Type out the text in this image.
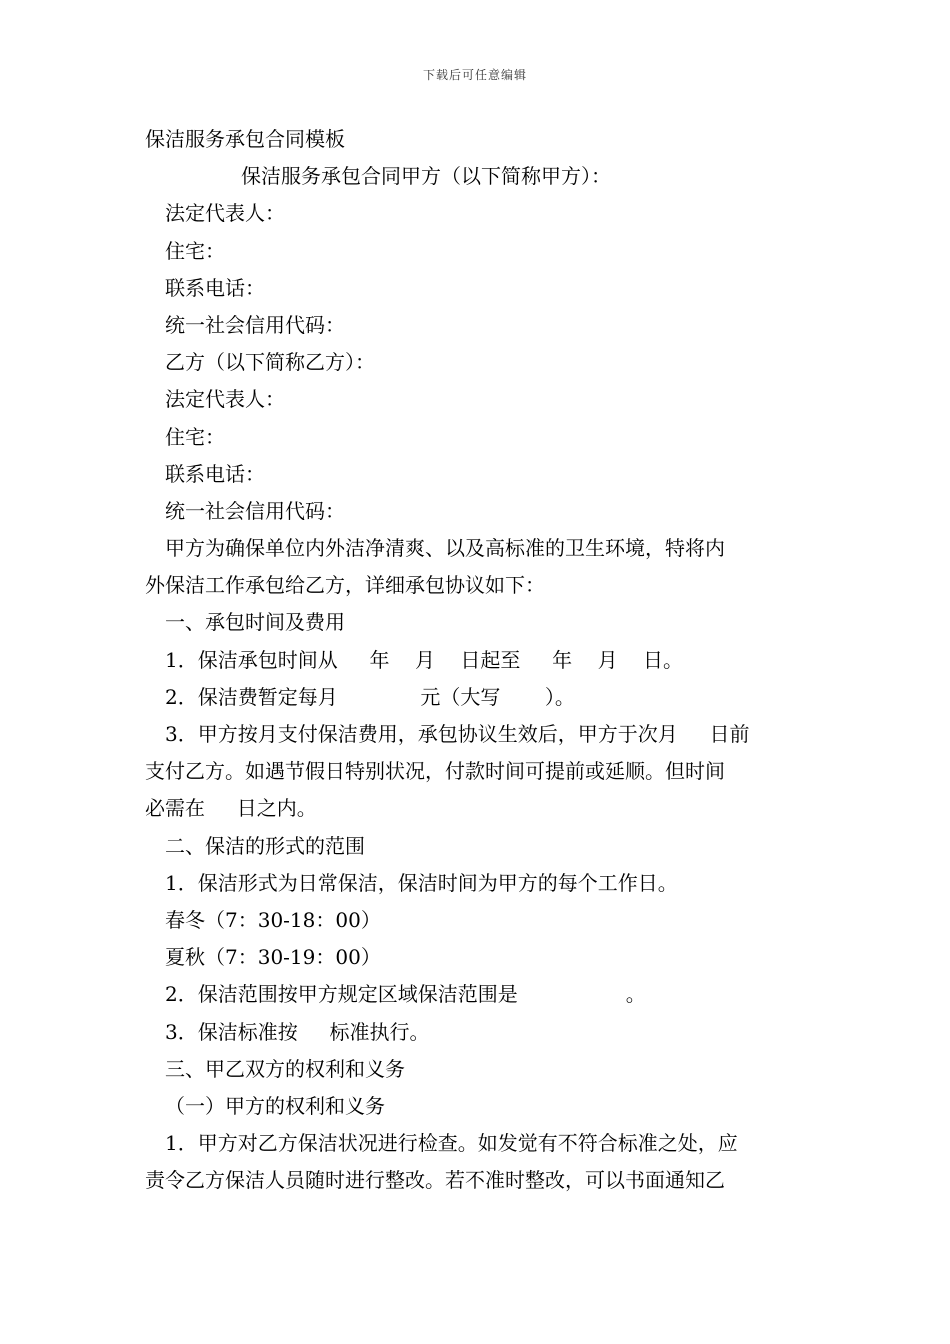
下载后可任意编辑
保洁服务承包合同模板
保洁服务承包合同甲方（以下简称甲方）：
法定代表人：
住宅：
联系电话：
统一社会信用代码：
乙方（以下简称乙方）：
法定代表人：
住宅：
联系电话：
统一社会信用代码：
甲方为确保单位内外洁净清爽、以及高标准的卫生环境，特将内
外保洁工作承包给乙方，详细承包协议如下：
一、承包时间及费用
1．保洁承包时间从     年    月    日起至     年    月    日。
2．保洁费暂定每月             元（大写       ）。
3．甲方按月支付保洁费用，承包协议生效后，甲方于次月     日前
支付乙方。如遇节假日特别状况，付款时间可提前或延顺。但时间
必需在     日之内。
二、保洁的形式的范围
1．保洁形式为日常保洁，保洁时间为甲方的每个工作日。
春冬（7：30-18：00）
夏秋（7：30-19：00）
2．保洁范围按甲方规定区域保洁范围是                 。
3．保洁标准按     标准执行。
三、甲乙双方的权利和义务
（一）甲方的权利和义务
1．甲方对乙方保洁状况进行检查。如发觉有不符合标准之处，应
责令乙方保洁人员随时进行整改。若不准时整改，可以书面通知乙
